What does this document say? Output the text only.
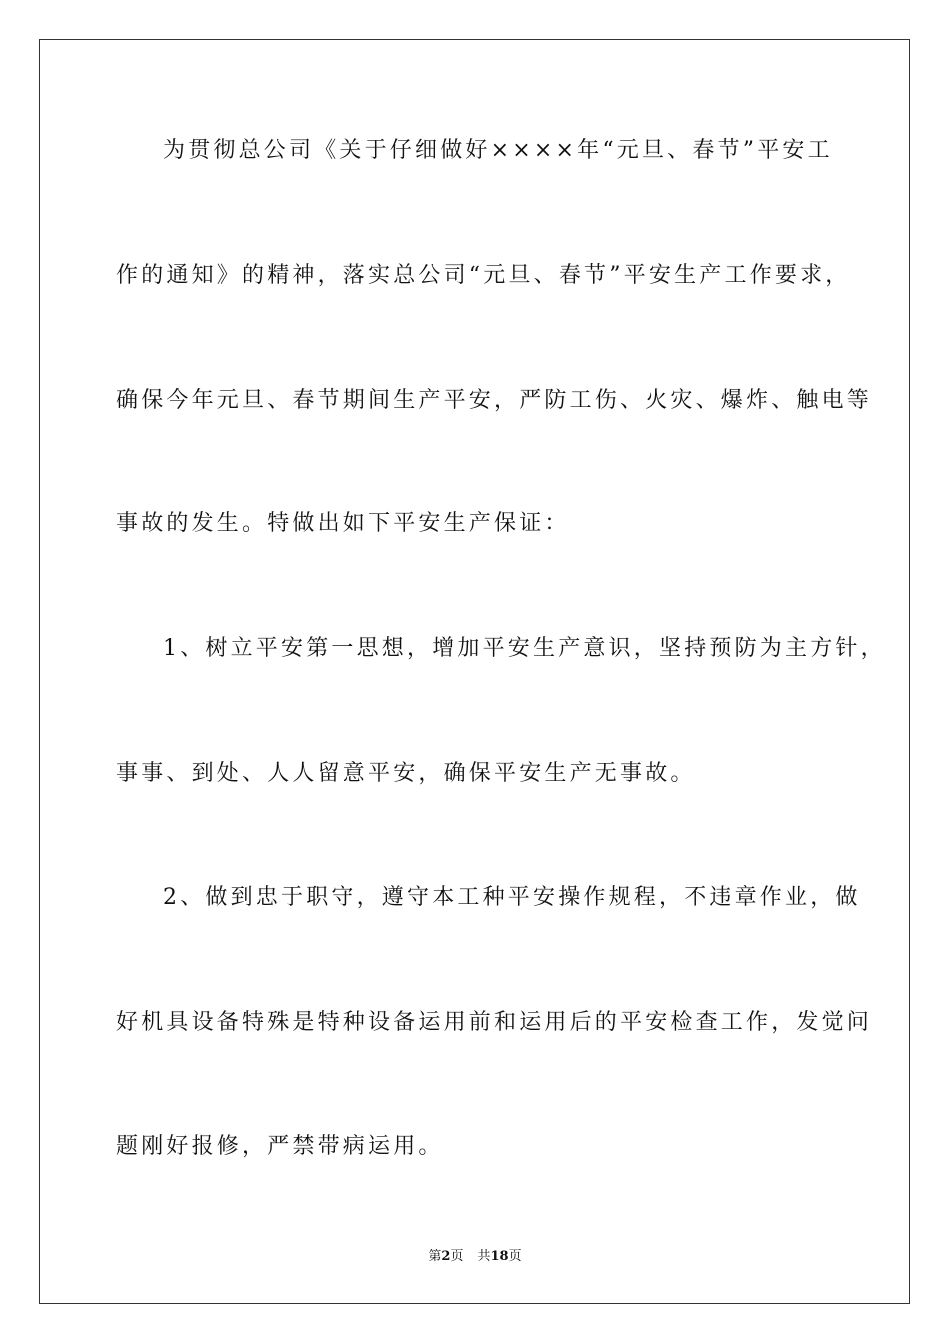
为贯彻总公司《关于仔细做好××××年“元旦、春节”平安工
作的通知》的精神，落实总公司“元旦、春节”平安生产工作要求，
确保今年元旦、春节期间生产平安，严防工伤、火灾、爆炸、触电等
事故的发生。特做出如下平安生产保证：
1、树立平安第一思想，增加平安生产意识，坚持预防为主方针，
事事、到处、人人留意平安，确保平安生产无事故。
2、做到忠于职守，遵守本工种平安操作规程，不违章作业，做
好机具设备特殊是特种设备运用前和运用后的平安检查工作，发觉问
题刚好报修，严禁带病运用。
第2页 共18页
